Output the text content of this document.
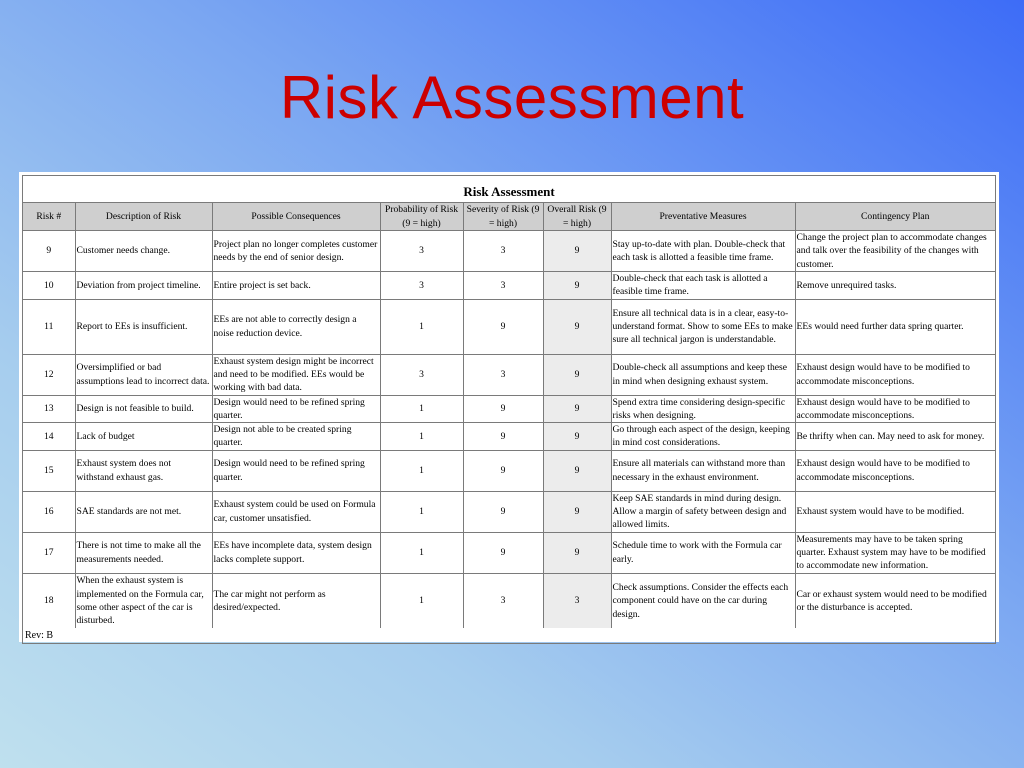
Risk Assessment
Risk Assessment
Risk #	Description of Risk	Possible Consequences	Probability of Risk (9 = high)	Severity of Risk (9 = high)	Overall Risk (9 = high)	Preventative Measures	Contingency Plan
9	Customer needs change.	Project plan no longer completes customer needs by the end of senior design.	3	3	9	Stay up-to-date with plan. Double-check that each task is allotted a feasible time frame.	Change the project plan to accommodate changes and talk over the feasibility of the changes with customer.
10	Deviation from project timeline.	Entire project is set back.	3	3	9	Double-check that each task is allotted a feasible time frame.	Remove unrequired tasks.
11	Report to EEs is insufficient.	EEs are not able to correctly design a noise reduction device.	1	9	9	Ensure all technical data is in a clear, easy-to-understand format. Show to some EEs to make sure all technical jargon is understandable.	EEs would need further data spring quarter.
12	Oversimplified or bad assumptions lead to incorrect data.	Exhaust system design might be incorrect and need to be modified. EEs would be working with bad data.	3	3	9	Double-check all assumptions and keep these in mind when designing exhaust system.	Exhaust design would have to be modified to accommodate misconceptions.
13	Design is not feasible to build.	Design would need to be refined spring quarter.	1	9	9	Spend extra time considering design-specific risks when designing.	Exhaust design would have to be modified to accommodate misconceptions.
14	Lack of budget	Design not able to be created spring quarter.	1	9	9	Go through each aspect of the design, keeping in mind cost considerations.	Be thrifty when can. May need to ask for money.
15	Exhaust system does not withstand exhaust gas.	Design would need to be refined spring quarter.	1	9	9	Ensure all materials can withstand more than necessary in the exhaust environment.	Exhaust design would have to be modified to accommodate misconceptions.
16	SAE standards are not met.	Exhaust system could be used on Formula car, customer unsatisfied.	1	9	9	Keep SAE standards in mind during design. Allow a margin of safety between design and allowed limits.	Exhaust system would have to be modified.
17	There is not time to make all the measurements needed.	EEs have incomplete data, system design lacks complete support.	1	9	9	Schedule time to work with the Formula car early.	Measurements may have to be taken spring quarter. Exhaust system may have to be modified to accommodate new information.
18	When the exhaust system is implemented on the Formula car, some other aspect of the car is disturbed.	The car might not perform as desired/expected.	1	3	3	Check assumptions. Consider the effects each component could have on the car during design.	Car or exhaust system would need to be modified or the disturbance is accepted.
Rev: B
